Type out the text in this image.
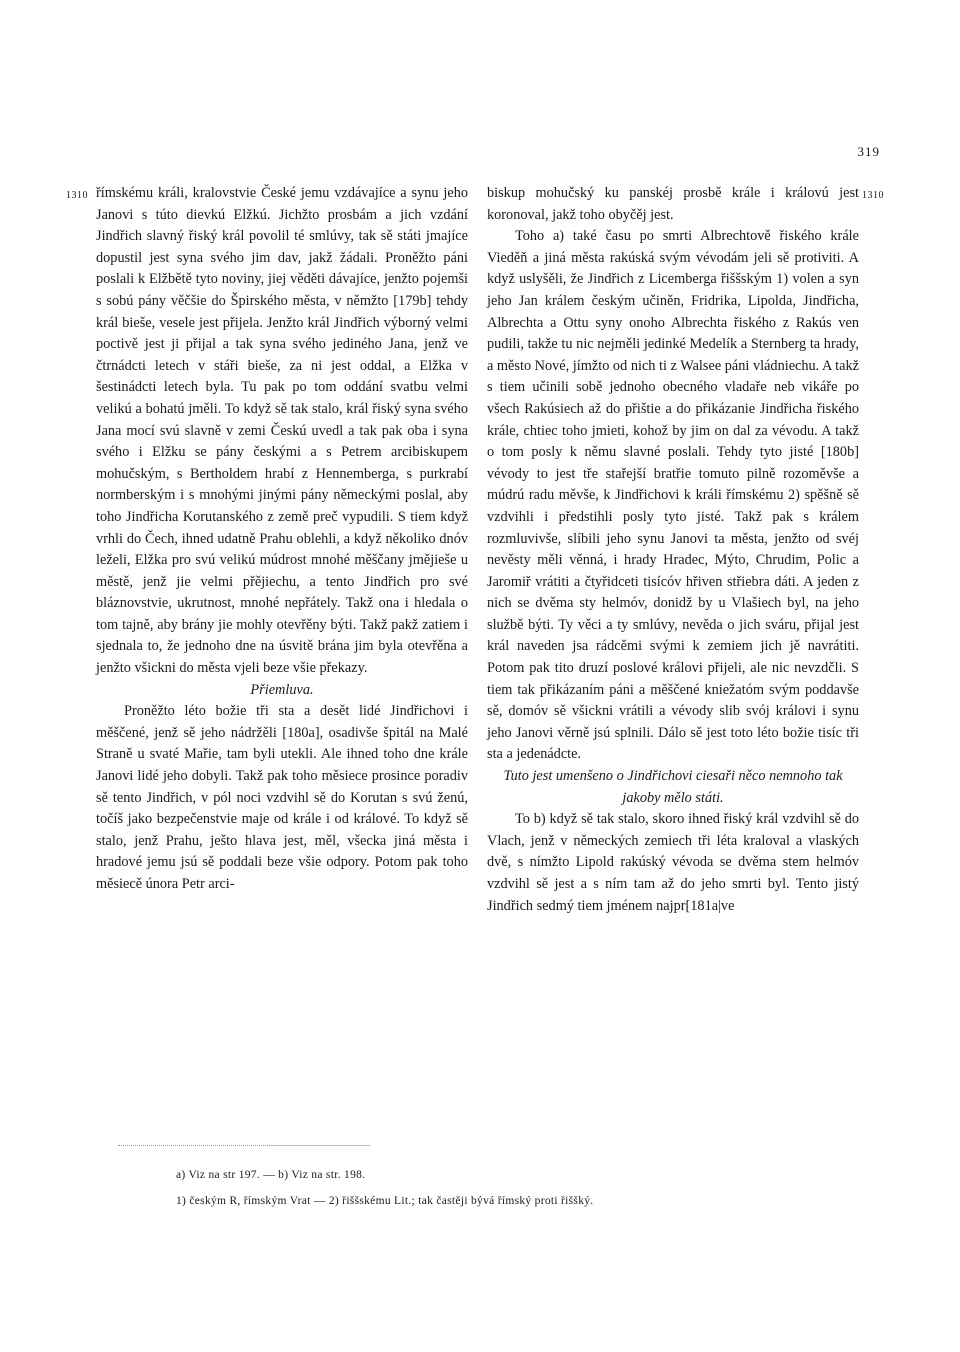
319
1310	1310

římskému králi, kralovstvie České jemu vzdávajíce a synu jeho Janovi s túto dievkú Elžkú. Jichžto prosbám a jich vzdání Jindřich slavný řiský král povolil té smlúvy, tak sě státi jmajíce dopustil jest syna svého jim dav, jakž žádali. Proněžto páni poslali k Elžbětě tyto noviny, jiej věděti dávajíce, jenžto pojemši s sobú pány věčšie do Špirského města, v němžto [179b] tehdy král bieše, vesele jest přijela. Jenžto král Jindřich výborný velmi poctivě jest ji přijal a tak syna svého jediného Jana, jenž ve čtrnádcti letech v stáři bieše, za ni jest oddal, a Elžka v šestinádcti letech byla. Tu pak po tom oddání svatbu velmi velikú a bohatú jměli. To když sě tak stalo, král řiský syna svého Jana mocí svú slavně v zemi Českú uvedl a tak pak oba i syna svého i Elžku se pány českými a s Petrem arcibiskupem mohučským, s Bertholdem hrabí z Hennemberga, s purkrabí normberským i s mnohými jinými pány německými poslal, aby toho Jindřicha Korutanského z země preč vypudili. S tiem když vrhli do Čech, ihned udatně Prahu oblehli, a když několiko dnóv leželi, Elžka pro svú velikú múdrost mnohé měščany jmějieše u městě, jenž jie velmi přějiechu, a tento Jindřich pro své bláznovstvie, ukrutnost, mnohé nepřátely. Takž ona i hledala o tom tajně, aby brány jie mohly otevřěny býti. Takž pakž zatiem i sjednala to, že jednoho dne na úsvitě brána jim byla otevřěna a jenžto všickni do města vjeli beze všie překazy.

Přiemluva.

Proněžto léto božie tři sta a desět lidé Jindřichovi i měščené, jenž sě jeho nádržěli [180a], osadivše špitál na Malé Straně u svaté Mařie, tam byli utekli. Ale ihned toho dne krále Janovi lidé jeho dobyli. Takž pak toho měsiece prosince poradiv sě tento Jindřich, v pól noci vzdvihl sě do Korutan s svú ženú, točíš jako bezpečenstvie maje od krále i od králové. To když sě stalo, jenž Prahu, ješto hlava jest, měl, všecka jiná města i hradové jemu jsú sě poddali beze všie odpory. Potom pak toho měsiecě února Petr arci-

biskup mohučský ku panskéj prosbě krále i královú jest koronoval, jakž toho obyčěj jest.

Toho a) také času po smrti Albrechtově řiského krále Vieděň a jiná města rakúská svým vévodám jeli sě protiviti. A když uslyšěli, že Jindřich z Licemberga řiššským 1) volen a syn jeho Jan králem českým učiněn, Fridrika, Lipolda, Jindřicha, Albrechta a Ottu syny onoho Albrechta řiského z Rakús ven pudili, takže tu nic nejměli jedinké Medelík a Sternberg ta hrady, a město Nové, jímžto od nich ti z Walsee páni vládniechu. A takž s tiem učinili sobě jednoho obecného vladaře neb vikáře po všech Rakúsiech až do přištie a do přikázanie Jindřicha řiského krále, chtiec toho jmieti, kohož by jim on dal za vévodu. A takž o tom posly k němu slavné poslali. Tehdy tyto jisté [180b] vévody to jest tře stařejší bratřie tomuto pilně rozoměvše a múdrú radu měvše, k Jindřichovi k králi římskému 2) spěšně sě vzdvihli i předstihli posly tyto jisté. Takž pak s králem rozmluvivše, slíbili jeho synu Janovi ta města, jenžto od svéj nevěsty měli věnná, i hrady Hradec, Mýto, Chrudim, Polic a Jaromiř vrátiti a čtyřidceti tisícóv hřiven střiebra dáti. A jeden z nich se dvěma sty helmóv, donidž by u Vlašiech byl, na jeho službě býti. Ty věci a ty smlúvy, nevěda o jich sváru, přijal jest král naveden jsa rádcěmi svými k zemiem jich jě navrátiti. Potom pak tito druzí poslové královi přijeli, ale nic nevzdčli. S tiem tak přikázaním páni a měščené kniežatóm svým poddavše sě, domóv sě všickni vrátili a vévody slib svój královi i synu jeho Janovi věrně jsú splnili. Dálo sě jest toto léto božie tisíc tři sta a jedenádcte.

Tuto jest umenšeno o Jindřichovi ciesaři něco nemnoho tak jakoby mělo státi.

To b) když sě tak stalo, skoro ihned řiský král vzdvihl sě do Vlach, jenž v německých zemiech tři léta kraloval a vlaských dvě, s nímžto Lipold rakúský vévoda se dvěma stem helmóv vzdvihl sě jest a s ním tam až do jeho smrti byl. Tento jistý Jindřich sedmý tiem jménem najpr[181a|ve

a) Viz na str 197. — b) Viz na str. 198.

1) českým R, římským Vrat — 2) řiššskému Lit.; tak častěji bývá římský proti řiššký.
